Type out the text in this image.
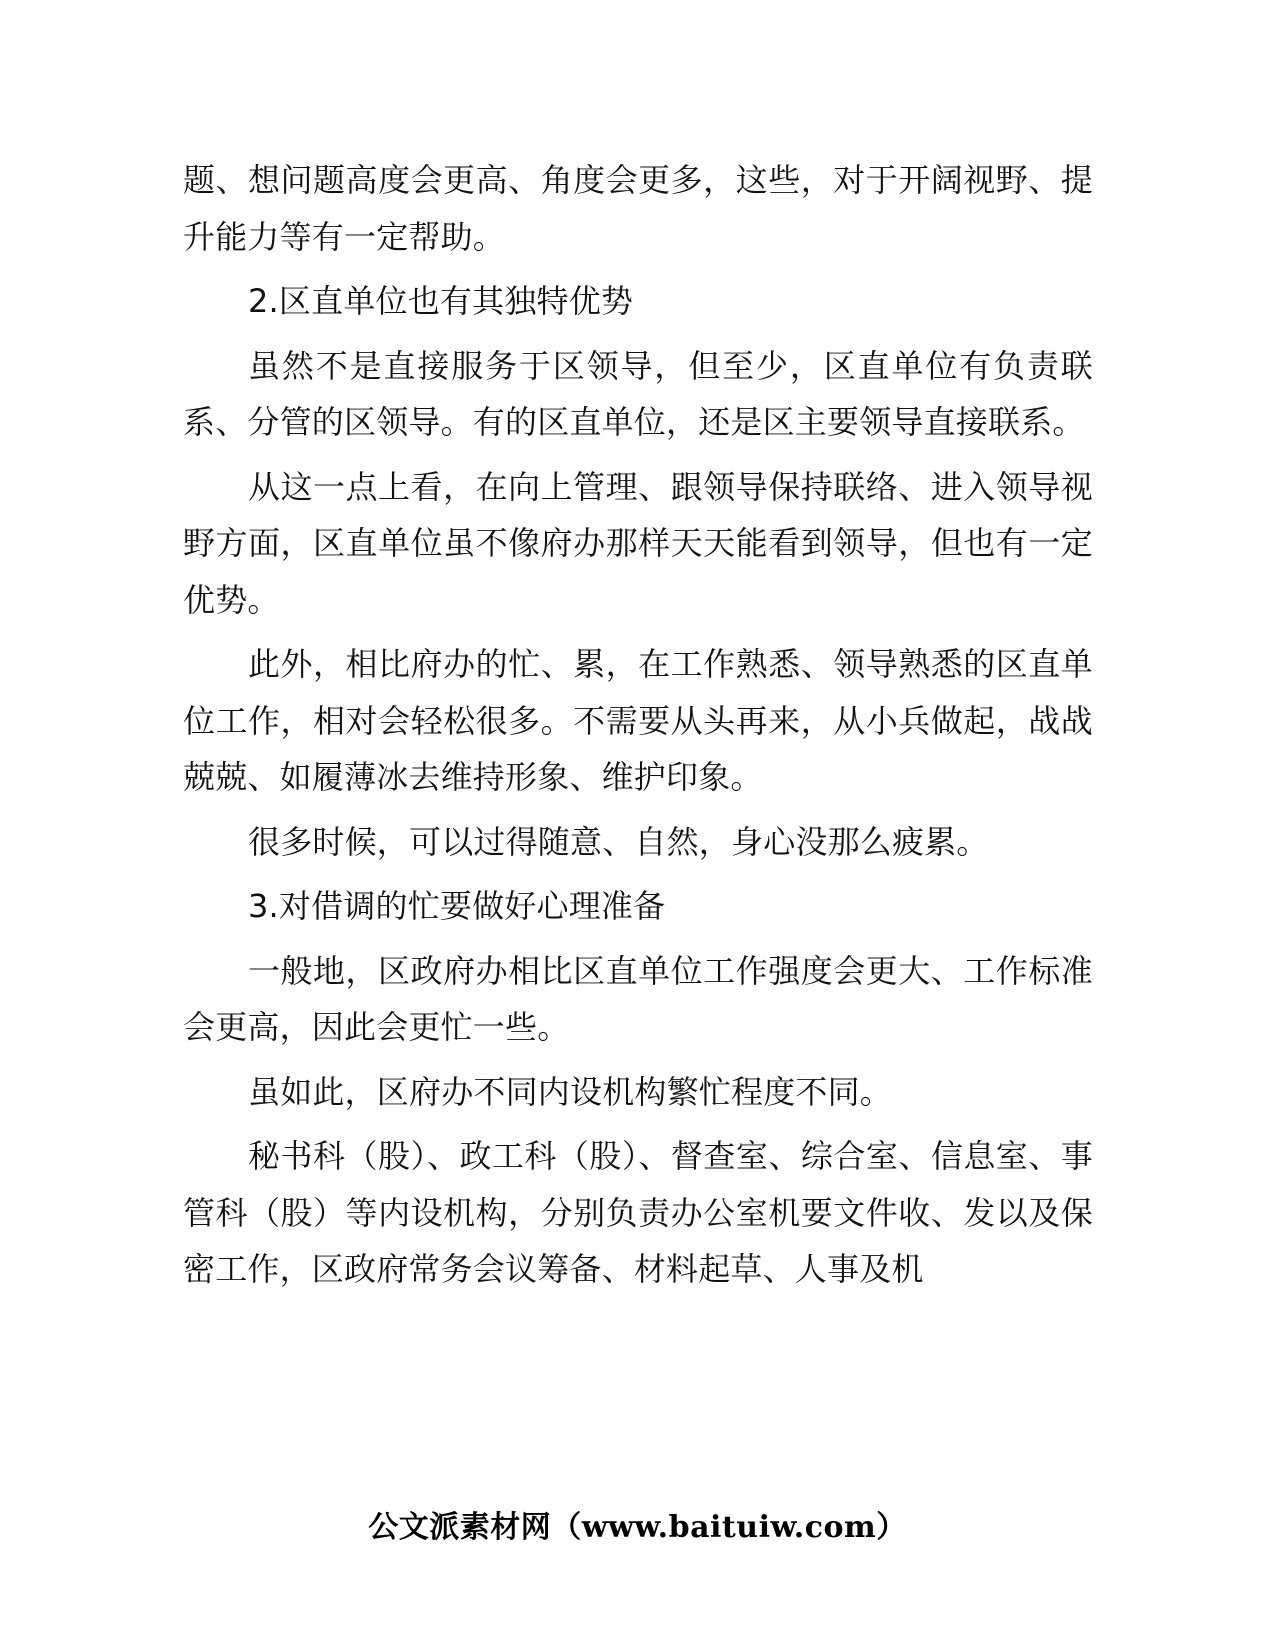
题、想问题高度会更高、角度会更多，这些，对于开阔视野、提升能力等有一定帮助。

2.区直单位也有其独特优势

虽然不是直接服务于区领导，但至少，区直单位有负责联系、分管的区领导。有的区直单位，还是区主要领导直接联系。

从这一点上看，在向上管理、跟领导保持联络、进入领导视野方面，区直单位虽不像府办那样天天能看到领导，但也有一定优势。

此外，相比府办的忙、累，在工作熟悉、领导熟悉的区直单位工作，相对会轻松很多。不需要从头再来，从小兵做起，战战兢兢、如履薄冰去维持形象、维护印象。

很多时候，可以过得随意、自然，身心没那么疲累。

3.对借调的忙要做好心理准备

一般地，区政府办相比区直单位工作强度会更大、工作标准会更高，因此会更忙一些。

虽如此，区府办不同内设机构繁忙程度不同。

秘书科（股）、政工科（股）、督查室、综合室、信息室、事管科（股）等内设机构，分别负责办公室机要文件收、发以及保密工作，区政府常务会议筹备、材料起草、人事及机

公文派素材网（www.baituiw.com）
